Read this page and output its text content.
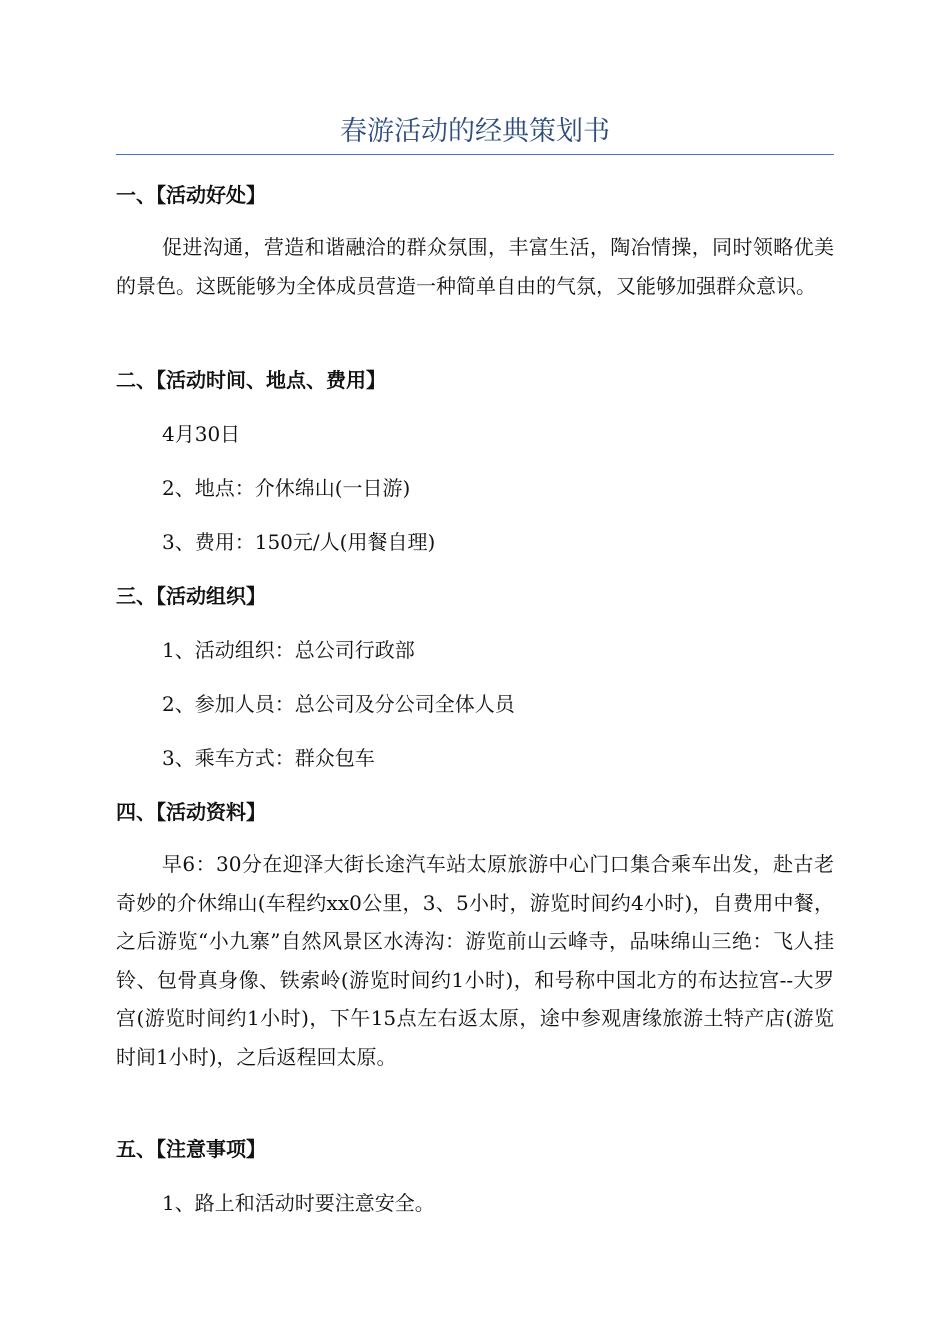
春游活动的经典策划书
一、【活动好处】

促进沟通，营造和谐融洽的群众氛围，丰富生活，陶冶情操，同时领略优美的景色。这既能够为全体成员营造一种简单自由的气氛，又能够加强群众意识。

二、【活动时间、地点、费用】

4月30日

2、地点：介休绵山(一日游)

3、费用：150元/人(用餐自理)

三、【活动组织】

1、活动组织：总公司行政部

2、参加人员：总公司及分公司全体人员

3、乘车方式：群众包车

四、【活动资料】

早6：30分在迎泽大街长途汽车站太原旅游中心门口集合乘车出发，赴古老奇妙的介休绵山(车程约xx0公里，3、5小时，游览时间约4小时)，自费用中餐，之后游览“小九寨”自然风景区水涛沟：游览前山云峰寺，品味绵山三绝：飞人挂铃、包骨真身像、铁索岭(游览时间约1小时)，和号称中国北方的布达拉宫--大罗宫(游览时间约1小时)，下午15点左右返太原，途中参观唐缘旅游土特产店(游览时间1小时)，之后返程回太原。

五、【注意事项】

1、路上和活动时要注意安全。
